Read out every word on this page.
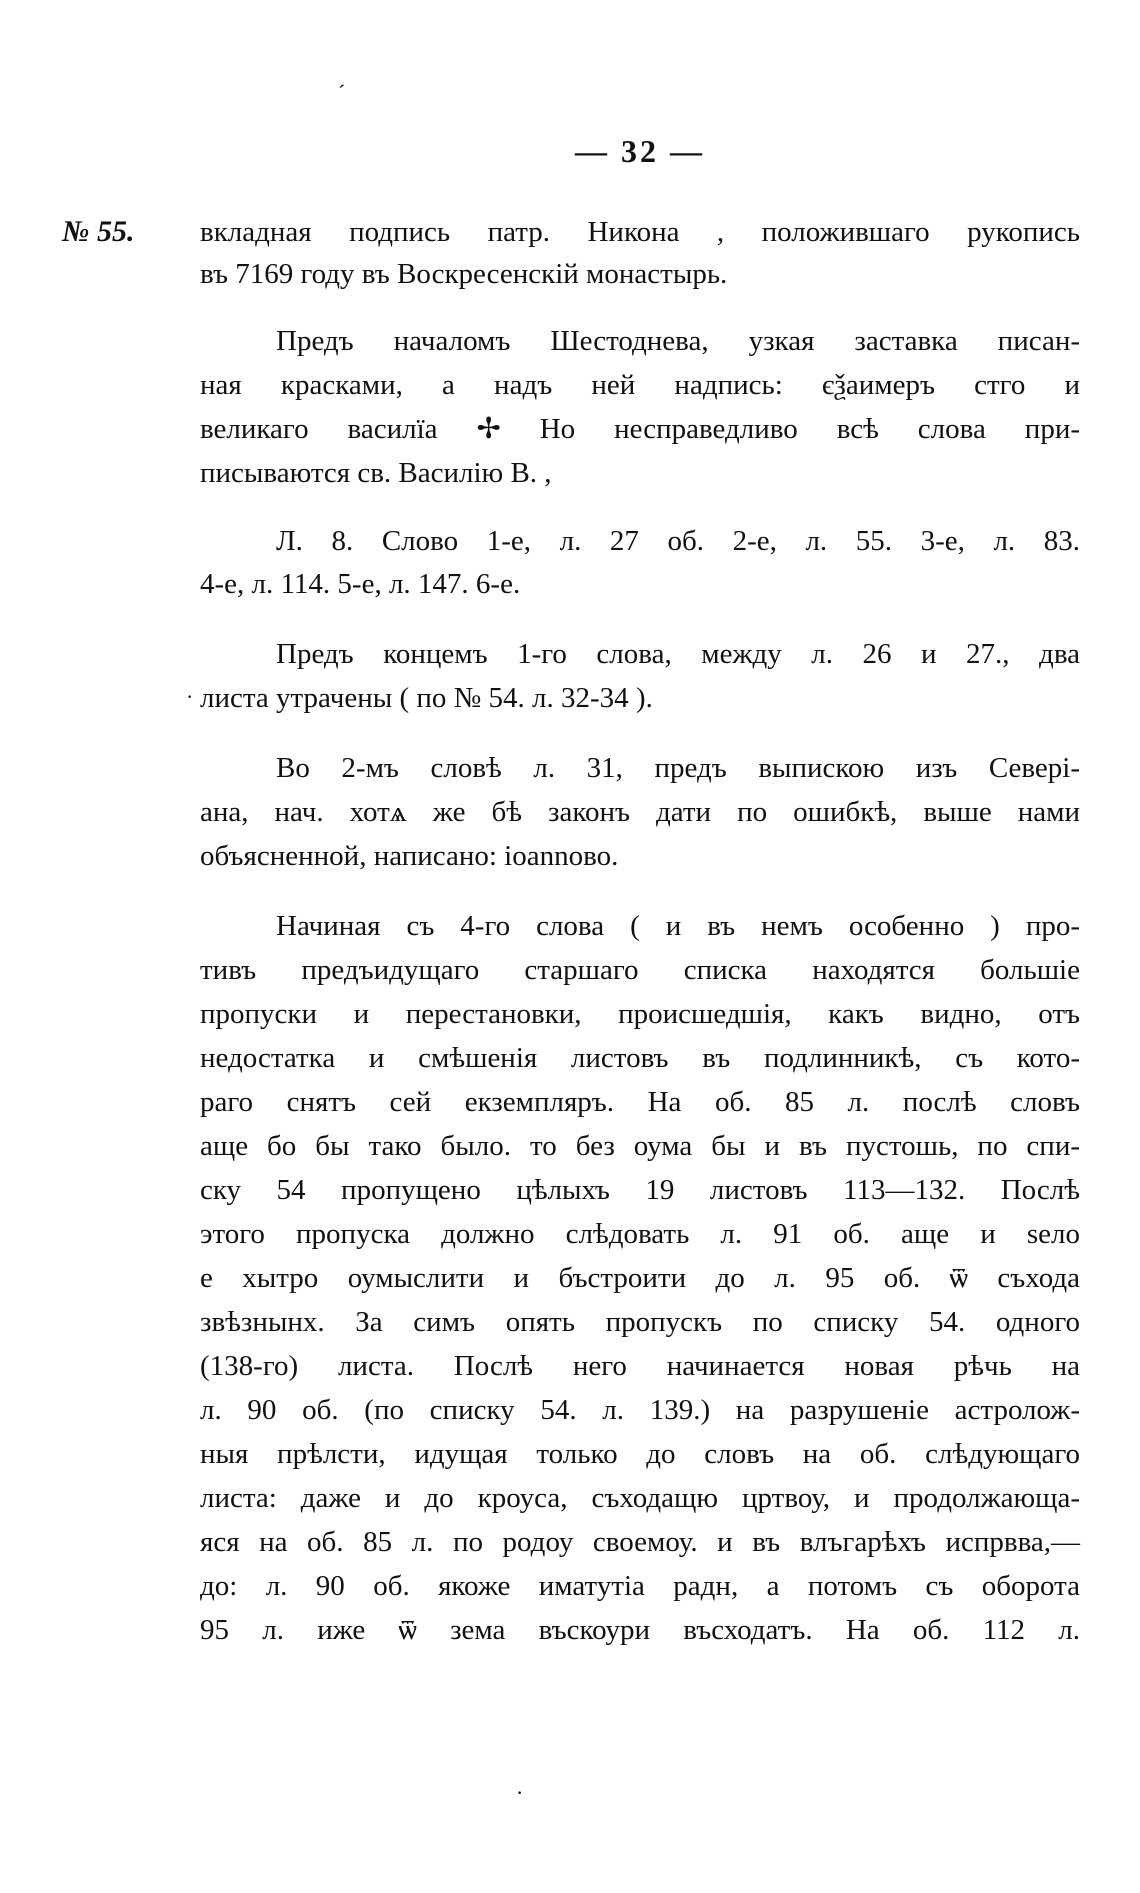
— 32 —
ˊ
№ 55. вкладная подпись патр. Никона , положившаго рукопись
въ 7169 году въ Воскресенскій монастырь.
Предъ началомъ Шестоднева, узкая заставка писан-
ная красками, а надъ ней надпись: єѯаимеръ стго и
великаго василїа ✢ Но несправедливо всѣ слова при-
писываются св. Василію В. ,
Л. 8. Слово 1-е, л. 27 об. 2-е, л. 55. 3-е, л. 83.
4-е, л. 114. 5-е, л. 147. 6-е.
Предъ концемъ 1-го слова, между л. 26 и 27., два
листа утрачены ( по № 54. л. 32-34 ).
·
Во 2-мъ словѣ л. 31, предъ выпискою изъ Северi-
ана, нач. хотѧ же бѣ законъ дати по ошибкѣ, выше нами
объясненной, написано: iоаnnово.
Начиная съ 4-го слова ( и въ немъ особенно ) про-
тивъ предъидущаго старшаго списка находятся большiе
пропуски и перестановки, происшедшiя, какъ видно, отъ
недостатка и смѣшенiя листовъ въ подлинникѣ, съ кото-
раго снятъ сей екземпляръ. На об. 85 л. послѣ словъ
аще бо бы тако было. то без оума бы и въ пустошь, по спи-
ску 54 пропущено цѣлыхъ 19 листовъ 113—132. Послѣ
этого пропуска должно слѣдовать л. 91 об. аще и ѕело
е хытро оумыслити и бъстроити до л. 95 об. ѿ съхода
звѣзнынх. За симъ опять пропускъ по списку 54. одного
(138-го) листа. Послѣ него начинается новая рѣчь на
л. 90 об. (по списку 54. л. 139.) на разрушенiе астролож-
ныя прѣлсти, идущая только до словъ на об. слѣдующаго
листа: даже и до кроуса, съходащю цртвоу, и продолжающа-
яся на об. 85 л. по родоу своемоу. и въ влъгарѣхъ испрвва,—
до: л. 90 об. якоже иматутiа радн, а потомъ съ оборота
95 л. иже ѿ зема въскоури въсходатъ. На об. 112 л.
·
